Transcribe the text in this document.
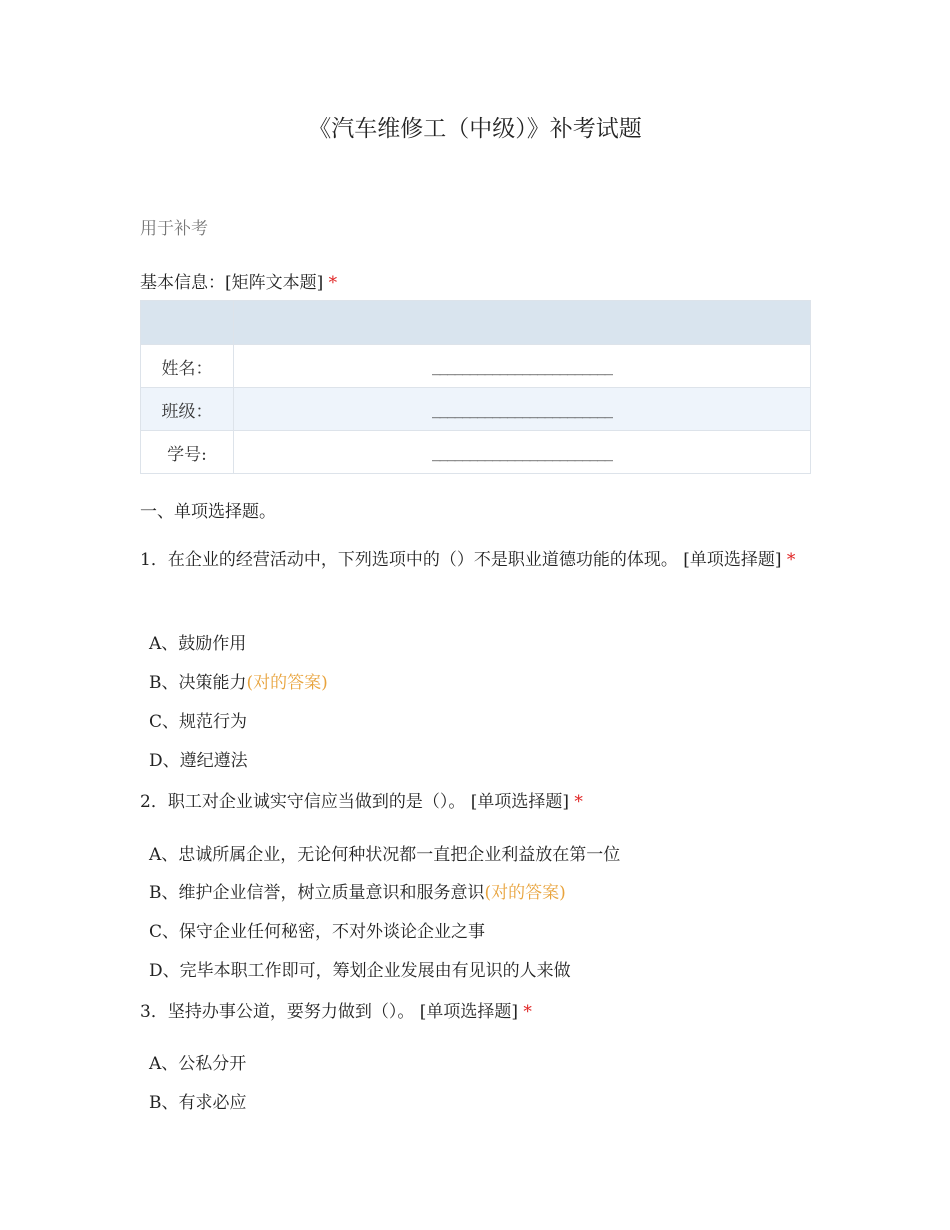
《汽车维修工（中级）》补考试题
用于补考
基本信息：[矩阵文本题] *

姓名：	________________________
班级：	________________________
学号:	________________________
一、单项选择题。
1．在企业的经营活动中，下列选项中的（）不是职业道德功能的体现。 [单项选择题] *
A、鼓励作用
B、决策能力(对的答案)
C、规范行为
D、遵纪遵法
2．职工对企业诚实守信应当做到的是（）。 [单项选择题] *
A、忠诚所属企业，无论何种状况都一直把企业利益放在第一位
B、维护企业信誉，树立质量意识和服务意识(对的答案)
C、保守企业任何秘密，不对外谈论企业之事
D、完毕本职工作即可，筹划企业发展由有见识的人来做
3．坚持办事公道，要努力做到（）。 [单项选择题] *
A、公私分开
B、有求必应
